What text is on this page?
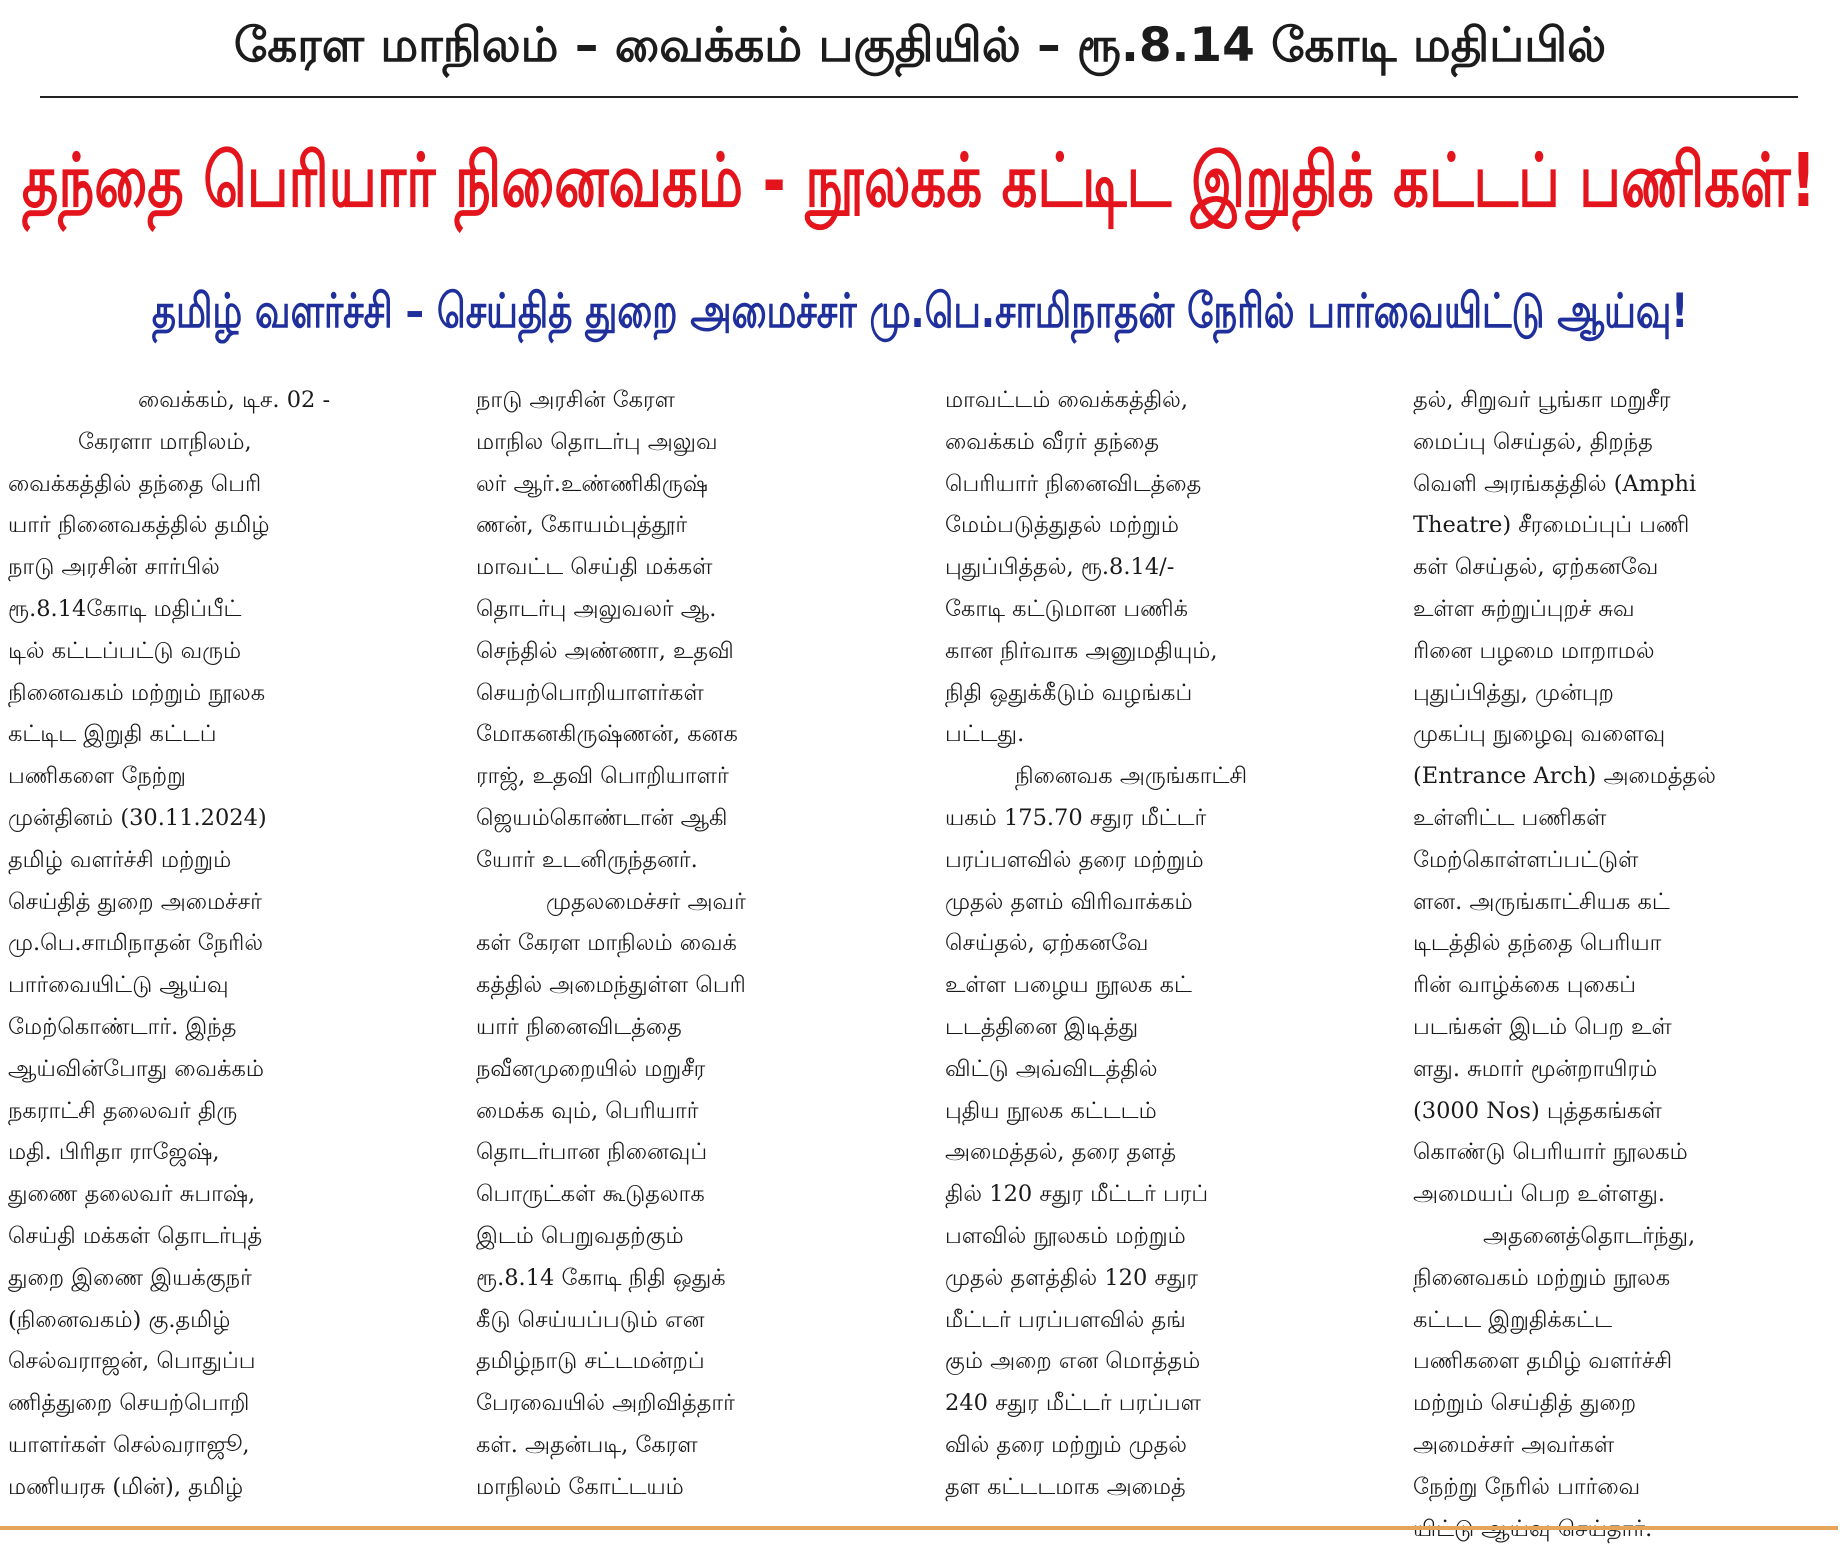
கேரள மாநிலம் – வைக்கம் பகுதியில் – ரூ.8.14 கோடி மதிப்பில்
தந்தை பெரியார் நினைவகம் - நூலகக் கட்டிட இறுதிக் கட்டப் பணிகள்!
தமிழ் வளர்ச்சி – செய்தித் துறை அமைச்சர் மு.பெ.சாமிநாதன் நேரில் பார்வையிட்டு ஆய்வு!
வைக்கம், டிச. 02 -
கேரளா மாநிலம்,
வைக்கத்தில் தந்தை பெரி
யார் நினைவகத்தில் தமிழ்
நாடு அரசின் சார்பில்
ரூ.8.14கோடி மதிப்பீட்
டில் கட்டப்பட்டு வரும்
நினைவகம் மற்றும் நூலக
கட்டிட இறுதி கட்டப்
பணிகளை நேற்று
முன்தினம் (30.11.2024)
தமிழ் வளர்ச்சி மற்றும்
செய்தித் துறை அமைச்சர்
மு.பெ.சாமிநாதன் நேரில்
பார்வையிட்டு ஆய்வு
மேற்கொண்டார். இந்த
ஆய்வின்போது வைக்கம்
நகராட்சி தலைவர் திரு
மதி. பிரிதா ராஜேஷ்,
துணை தலைவர் சுபாஷ்,
செய்தி மக்கள் தொடர்புத்
துறை இணை இயக்குநர்
(நினைவகம்) கு.தமிழ்
செல்வராஜன், பொதுப்ப
ணித்துறை செயற்பொறி
யாளர்கள் செல்வராஜூ,
மணியரசு (மின்), தமிழ்
நாடு அரசின் கேரள
மாநில தொடர்பு அலுவ
லர் ஆர்.உண்ணிகிருஷ்
ணன், கோயம்புத்தூர்
மாவட்ட செய்தி மக்கள்
தொடர்பு அலுவலர் ஆ.
செந்தில் அண்ணா, உதவி
செயற்பொறியாளர்கள்
மோகனகிருஷ்ணன், கனக
ராஜ், உதவி பொறியாளர்
ஜெயம்கொண்டான் ஆகி
யோர் உடனிருந்தனர்.
முதலமைச்சர் அவர்
கள் கேரள மாநிலம் வைக்
கத்தில் அமைந்துள்ள பெரி
யார் நினைவிடத்தை
நவீனமுறையில் மறுசீர
மைக்க வும், பெரியார்
தொடர்பான நினைவுப்
பொருட்கள் கூடுதலாக
இடம் பெறுவதற்கும்
ரூ.8.14 கோடி நிதி ஒதுக்
கீடு செய்யப்படும் என
தமிழ்நாடு சட்டமன்றப்
பேரவையில் அறிவித்தார்
கள். அதன்படி, கேரள
மாநிலம் கோட்டயம்
மாவட்டம் வைக்கத்தில்,
வைக்கம் வீரர் தந்தை
பெரியார் நினைவிடத்தை
மேம்படுத்துதல் மற்றும்
புதுப்பித்தல், ரூ.8.14/-
கோடி கட்டுமான பணிக்
கான நிர்வாக அனுமதியும்,
நிதி ஒதுக்கீடும் வழங்கப்
பட்டது.
நினைவக அருங்காட்சி
யகம் 175.70 சதுர மீட்டர்
பரப்பளவில் தரை மற்றும்
முதல் தளம் விரிவாக்கம்
செய்தல், ஏற்கனவே
உள்ள பழைய நூலக கட்
டடத்தினை இடித்து
விட்டு அவ்விடத்தில்
புதிய நூலக கட்டடம்
அமைத்தல், தரை தளத்
தில் 120 சதுர மீட்டர் பரப்
பளவில் நூலகம் மற்றும்
முதல் தளத்தில் 120 சதுர
மீட்டர் பரப்பளவில் தங்
கும் அறை என மொத்தம்
240 சதுர மீட்டர் பரப்பள
வில் தரை மற்றும் முதல்
தள கட்டடமாக அமைத்
தல், சிறுவர் பூங்கா மறுசீர
மைப்பு செய்தல், திறந்த
வெளி அரங்கத்தில் (Amphi
Theatre) சீரமைப்புப் பணி
கள் செய்தல், ஏற்கனவே
உள்ள சுற்றுப்புறச் சுவ
ரினை பழமை மாறாமல்
புதுப்பித்து, முன்புற
முகப்பு நுழைவு வளைவு
(Entrance Arch) அமைத்தல்
உள்ளிட்ட பணிகள்
மேற்கொள்ளப்பட்டுள்
ளன. அருங்காட்சியக கட்
டிடத்தில் தந்தை பெரியா
ரின் வாழ்க்கை புகைப்
படங்கள் இடம் பெற உள்
ளது. சுமார் மூன்றாயிரம்
(3000 Nos) புத்தகங்கள்
கொண்டு பெரியார் நூலகம்
அமையப் பெற உள்ளது.
அதனைத்தொடர்ந்து,
நினைவகம் மற்றும் நூலக
கட்டட இறுதிக்கட்ட
பணிகளை தமிழ் வளர்ச்சி
மற்றும் செய்தித் துறை
அமைச்சர் அவர்கள்
நேற்று நேரில் பார்வை
